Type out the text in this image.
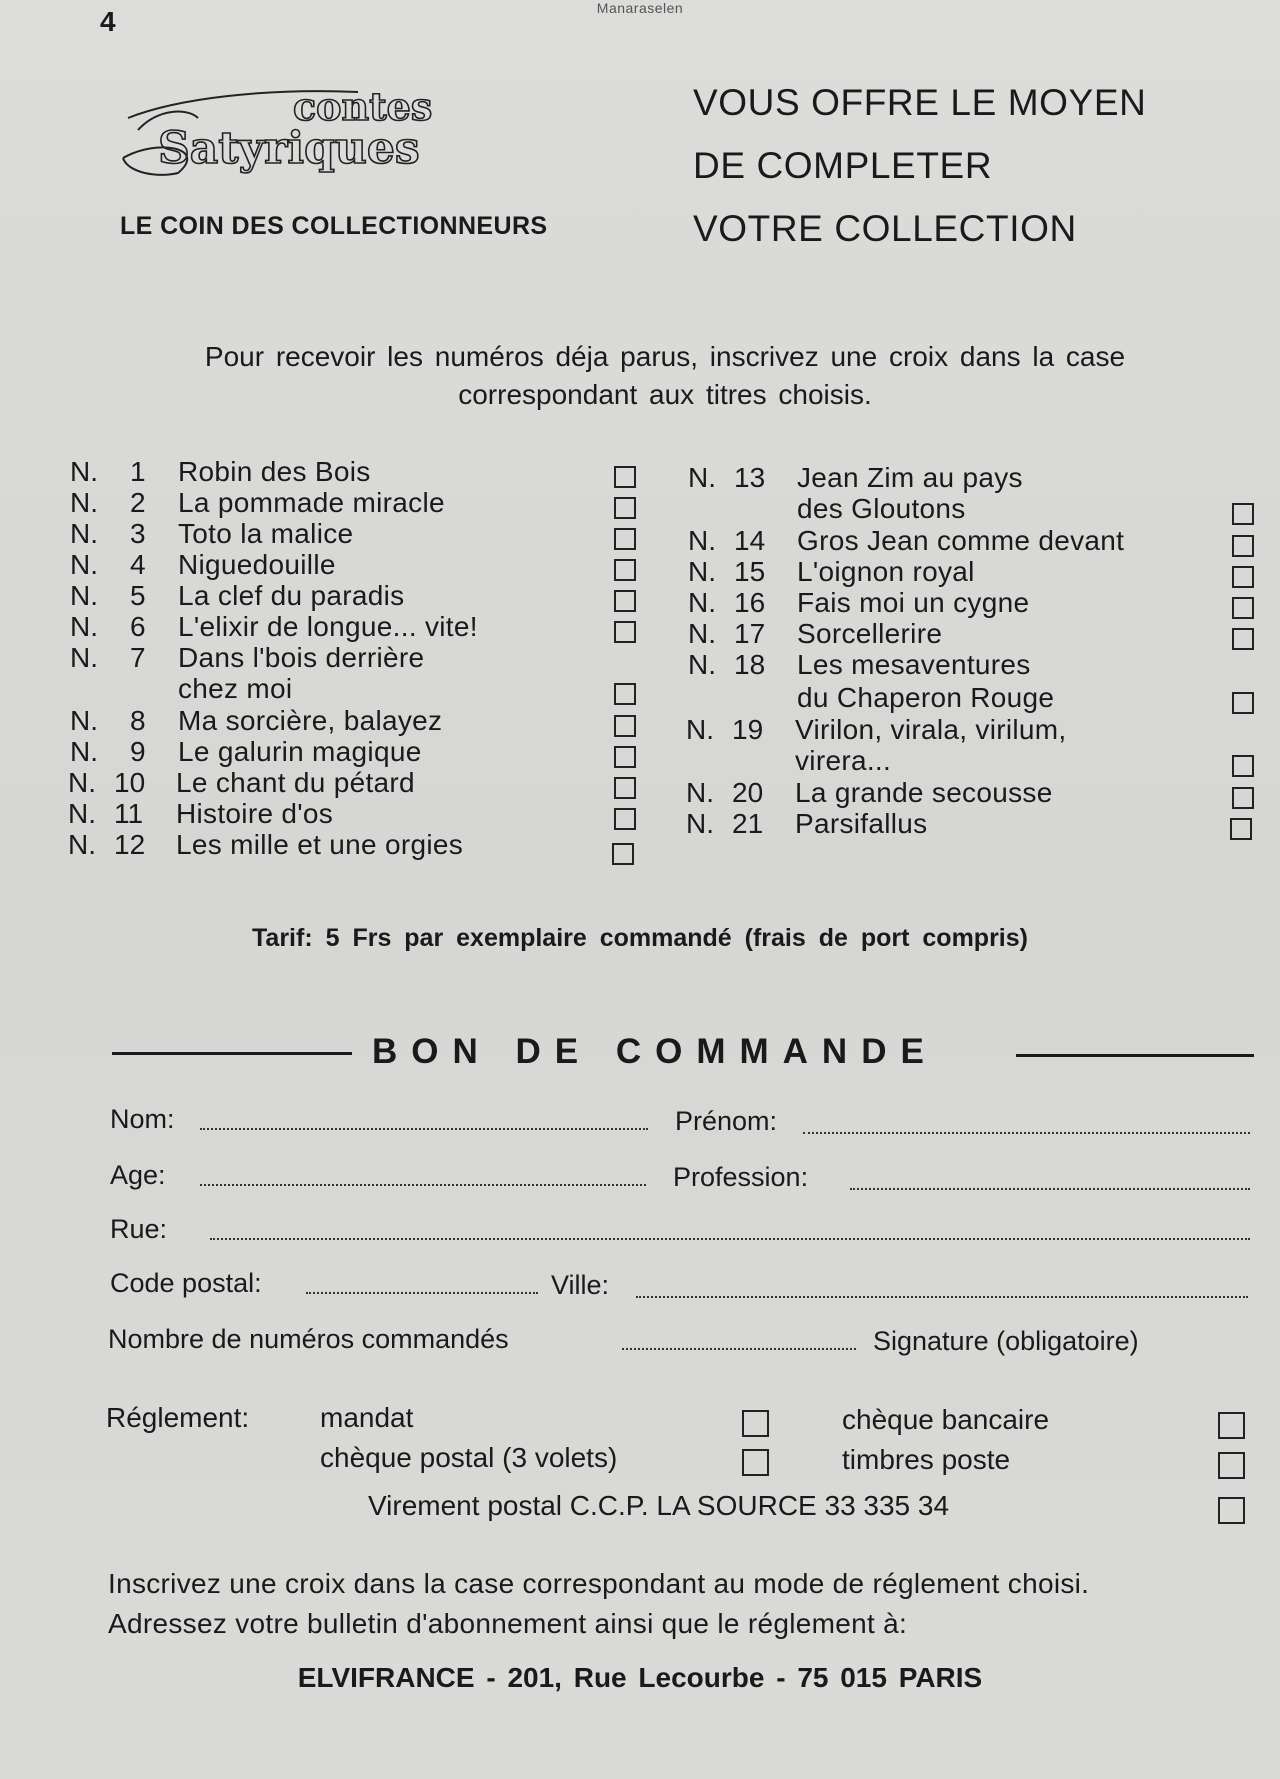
4	Manaraselen
contes
Satyriques
LE COIN DES COLLECTIONNEURS
VOUS OFFRE LE MOYEN
DE COMPLETER
VOTRE COLLECTION
Pour recevoir les numéros déja parus, inscrivez une croix dans la case correspondant aux titres choisis.
N. 1 Robin des Bois
N. 2 La pommade miracle
N. 3 Toto la malice
N. 4 Niguedouille
N. 5 La clef du paradis
N. 6 L'elixir de longue... vite!
N. 7 Dans l'bois derrière
chez moi
N. 8 Ma sorcière, balayez
N. 9 Le galurin magique
N. 10 Le chant du pétard
N. 11 Histoire d'os
N. 12 Les mille et une orgies
N. 13 Jean Zim au pays
des Gloutons
N. 14 Gros Jean comme devant
N. 15 L'oignon royal
N. 16 Fais moi un cygne
N. 17 Sorcellerire
N. 18 Les mesaventures
du Chaperon Rouge
N. 19 Virilon, virala, virilum,
virera...
N. 20 La grande secousse
N. 21 Parsifallus
Tarif: 5 Frs par exemplaire commandé (frais de port compris)
BON DE COMMANDE
Nom:	Prénom:
Age:	Profession:
Rue:
Code postal:	Ville:
Nombre de numéros commandés	Signature (obligatoire)
Réglement:	mandat	chèque bancaire
chèque postal (3 volets)	timbres poste
Virement postal C.C.P. LA SOURCE 33 335 34
Inscrivez une croix dans la case correspondant au mode de réglement choisi.
Adressez votre bulletin d'abonnement ainsi que le réglement à:
ELVIFRANCE - 201, Rue Lecourbe - 75 015 PARIS
